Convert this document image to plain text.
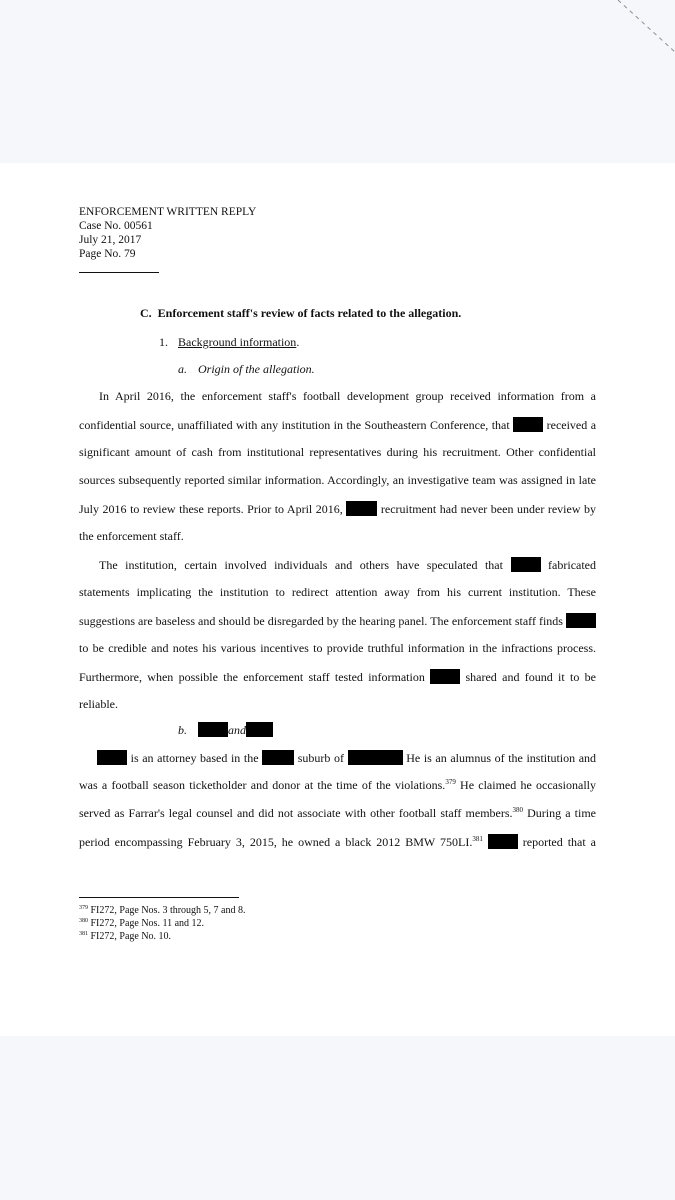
ENFORCEMENT WRITTEN REPLY
Case No. 00561
July 21, 2017
Page No. 79
C. Enforcement staff's review of facts related to the allegation.
1. Background information.
a. Origin of the allegation.
In April 2016, the enforcement staff's football development group received information from a
confidential source, unaffiliated with any institution in the Southeastern Conference, that	received a
significant amount of cash from institutional representatives during his recruitment. Other confidential
sources subsequently reported similar information. Accordingly, an investigative team was assigned in late
July 2016 to review these reports. Prior to April 2016,	recruitment had never been under review by
the enforcement staff.
The institution, certain involved individuals and others have speculated that	fabricated
statements implicating the institution to redirect attention away from his current institution. These
suggestions are baseless and should be disregarded by the hearing panel. The enforcement staff finds
to be credible and notes his various incentives to provide truthful information in the infractions process.
Furthermore, when possible the enforcement staff tested information	shared and found it to be
reliable.
b.	and
is an attorney based in the	suburb of	He is an alumnus of the institution and
was a football season ticketholder and donor at the time of the violations.$^{379}$ He claimed he occasionally
served as Farrar's legal counsel and did not associate with other football staff members.$^{380}$ During a time
period encompassing February 3, 2015, he owned a black 2012 BMW 750LI.$^{381}$	reported that a
$^{379}$ FI272, Page Nos. 3 through 5, 7 and 8.
$^{380}$ FI272, Page Nos. 11 and 12.
$^{381}$ FI272, Page No. 10.
